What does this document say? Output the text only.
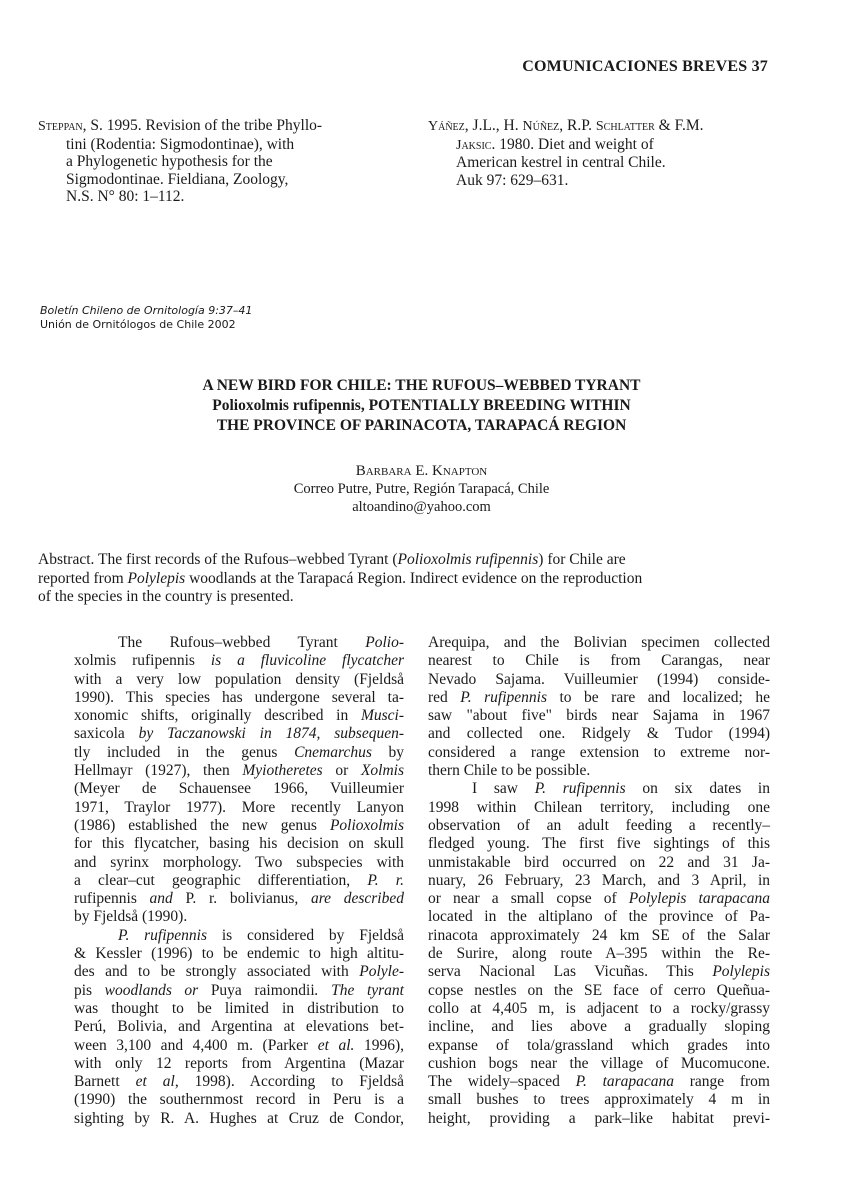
COMUNICACIONES BREVES 37
Steppan, S. 1995. Revision of the tribe Phyllo-
tini (Rodentia: Sigmodontinae), with
a Phylogenetic hypothesis for the
Sigmodontinae. Fieldiana, Zoology,
N.S. N° 80: 1–112.
Yáñez, J.L., H. Núñez, R.P. Schlatter & F.M.
Jaksic. 1980. Diet and weight of
American kestrel in central Chile.
Auk 97: 629–631.
Boletín Chileno de Ornitología 9:37–41
Unión de Ornitólogos de Chile 2002
A NEW BIRD FOR CHILE: THE RUFOUS–WEBBED TYRANT
Polioxolmis rufipennis, POTENTIALLY BREEDING WITHIN
THE PROVINCE OF PARINACOTA, TARAPACÁ REGION
Barbara E. Knapton
Correo Putre, Putre, Región Tarapacá, Chile
altoandino@yahoo.com
Abstract. The first records of the Rufous–webbed Tyrant (Polioxolmis rufipennis) for Chile are
reported from Polylepis woodlands at the Tarapacá Region. Indirect evidence on the reproduction
of the species in the country is presented.
The Rufous–webbed Tyrant Polio-
xolmis rufipennis is a fluvicoline flycatcher
with a very low population density (Fjeldså
1990). This species has undergone several ta-
xonomic shifts, originally described in Musci-
saxicola by Taczanowski in 1874, subsequen-
tly included in the genus Cnemarchus by
Hellmayr (1927), then Myiotheretes or Xolmis
(Meyer de Schauensee 1966, Vuilleumier
1971, Traylor 1977). More recently Lanyon
(1986) established the new genus Polioxolmis
for this flycatcher, basing his decision on skull
and syrinx morphology. Two subspecies with
a clear–cut geographic differentiation, P. r.
rufipennis and P. r. bolivianus, are described
by Fjeldså (1990).
P. rufipennis is considered by Fjeldså
& Kessler (1996) to be endemic to high altitu-
des and to be strongly associated with Polyle-
pis woodlands or Puya raimondii. The tyrant
was thought to be limited in distribution to
Perú, Bolivia, and Argentina at elevations bet-
ween 3,100 and 4,400 m. (Parker et al. 1996),
with only 12 reports from Argentina (Mazar
Barnett et al, 1998). According to Fjeldså
(1990) the southernmost record in Peru is a
sighting by R. A. Hughes at Cruz de Condor,
Arequipa, and the Bolivian specimen collected
nearest to Chile is from Carangas, near
Nevado Sajama. Vuilleumier (1994) conside-
red P. rufipennis to be rare and localized; he
saw "about five" birds near Sajama in 1967
and collected one. Ridgely & Tudor (1994)
considered a range extension to extreme nor-
thern Chile to be possible.
I saw P. rufipennis on six dates in
1998 within Chilean territory, including one
observation of an adult feeding a recently–
fledged young. The first five sightings of this
unmistakable bird occurred on 22 and 31 Ja-
nuary, 26 February, 23 March, and 3 April, in
or near a small copse of Polylepis tarapacana
located in the altiplano of the province of Pa-
rinacota approximately 24 km SE of the Salar
de Surire, along route A–395 within the Re-
serva Nacional Las Vicuñas. This Polylepis
copse nestles on the SE face of cerro Queñua-
collo at 4,405 m, is adjacent to a rocky/grassy
incline, and lies above a gradually sloping
expanse of tola/grassland which grades into
cushion bogs near the village of Mucomucone.
The widely–spaced P. tarapacana range from
small bushes to trees approximately 4 m in
height, providing a park–like habitat previ-
